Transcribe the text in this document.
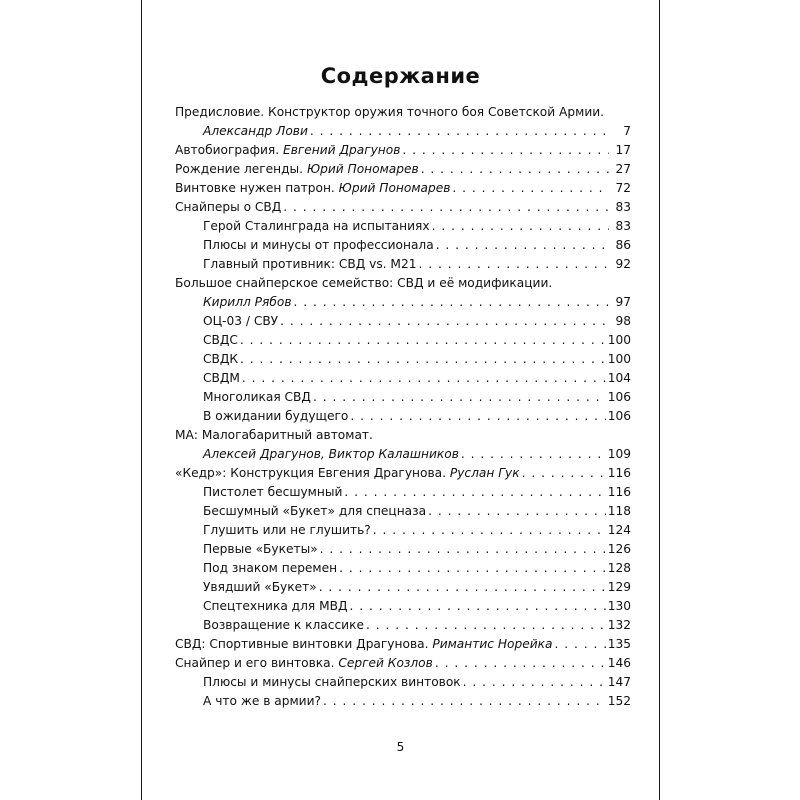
Содержание
Предисловие. Конструктор оружия точного боя Советской Армии.
Александр Лови . . .	7
Автобиография. Евгений Драгунов . . .	17
Рождение легенды. Юрий Пономарев . . .	27
Винтовке нужен патрон. Юрий Пономарев . . .	72
Снайперы о СВД . . .	83
Герой Сталинграда на испытаниях . . .	83
Плюсы и минусы от профессионала . . .	86
Главный противник: СВД vs. M21 . . .	92
Большое снайперское семейство: СВД и её модификации.
Кирилл Рябов . . .	97
ОЦ-03 / СВУ . . .	98
СВДС . . .	100
СВДК . . .	100
СВДМ . . .	104
Многоликая СВД . . .	106
В ожидании будущего . . .	106
МА: Малогабаритный автомат.
Алексей Драгунов, Виктор Калашников . . .	109
«Кедр»: Конструкция Евгения Драгунова. Руслан Гук . . .	116
Пистолет бесшумный . . .	116
Бесшумный «Букет» для спецназа . . .	118
Глушить или не глушить? . . .	124
Первые «Букеты» . . .	126
Под знаком перемен . . .	128
Увядший «Букет» . . .	129
Спецтехника для МВД . . .	130
Возвращение к классике . . .	132
СВД: Спортивные винтовки Драгунова. Римантис Норейка . . .	135
Снайпер и его винтовка. Сергей Козлов . . .	146
Плюсы и минусы снайперских винтовок . . .	147
А что же в армии? . . .	152
5
